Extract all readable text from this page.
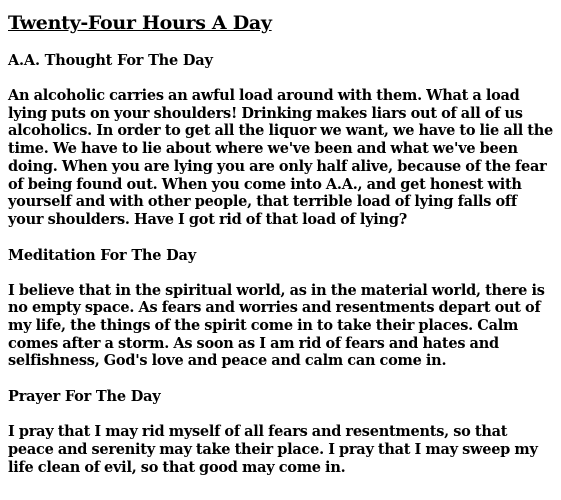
Twenty-Four Hours A Day
A.A. Thought For The Day

An alcoholic carries an awful load around with them. What a load lying puts on your shoulders! Drinking makes liars out of all of us alcoholics. In order to get all the liquor we want, we have to lie all the time. We have to lie about where we've been and what we've been doing. When you are lying you are only half alive, because of the fear of being found out. When you come into A.A., and get honest with yourself and with other people, that terrible load of lying falls off your shoulders. Have I got rid of that load of lying?

Meditation For The Day

I believe that in the spiritual world, as in the material world, there is no empty space. As fears and worries and resentments depart out of my life, the things of the spirit come in to take their places. Calm comes after a storm. As soon as I am rid of fears and hates and selfishness, God's love and peace and calm can come in.

Prayer For The Day

I pray that I may rid myself of all fears and resentments, so that peace and serenity may take their place. I pray that I may sweep my life clean of evil, so that good may come in.
